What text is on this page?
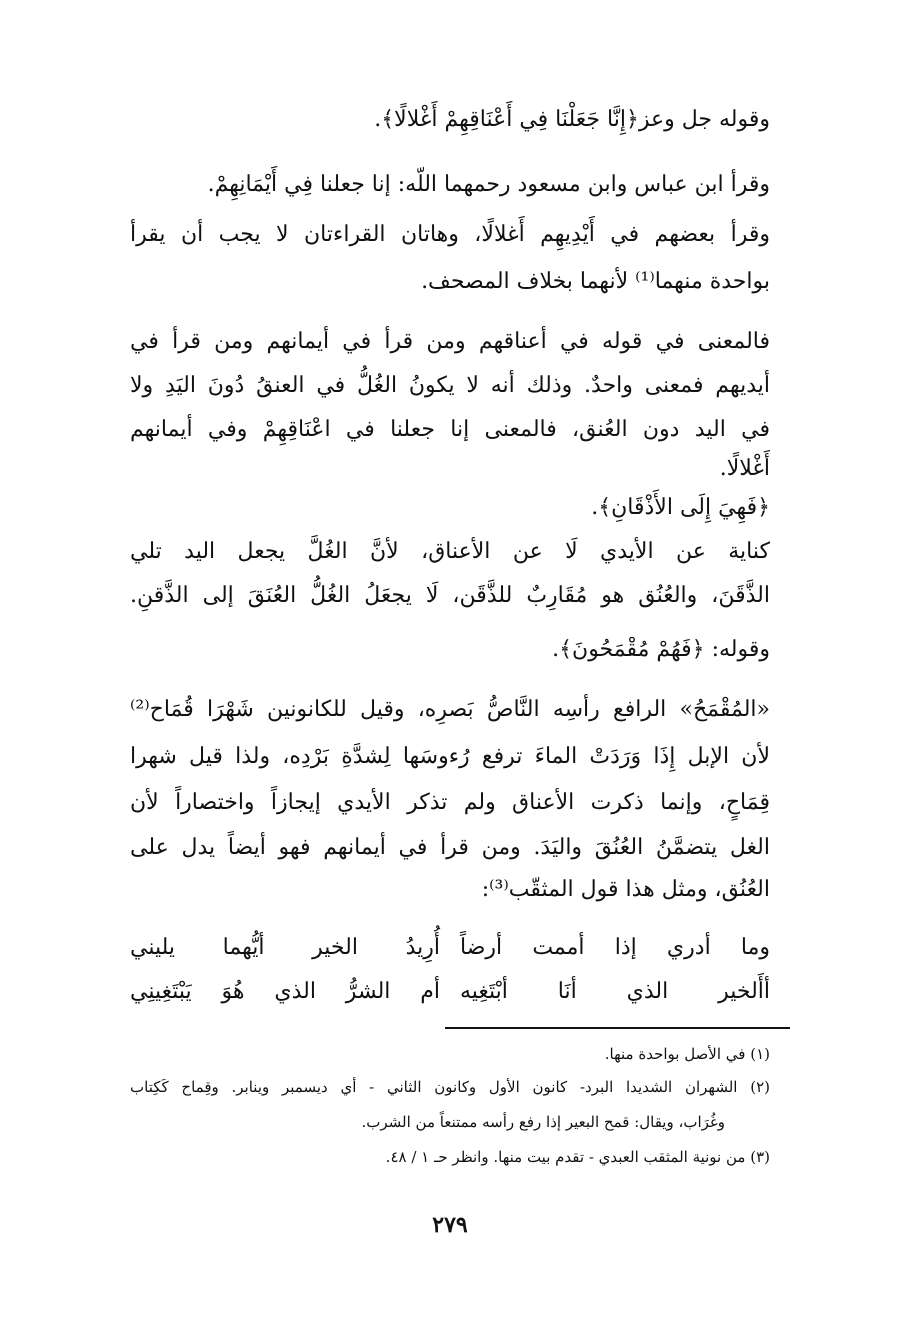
وقوله جل وعز﴿إِنَّا جَعَلْنَا فِي أَعْنَاقِهِمْ أَغْلالًا﴾.
وقرأ ابن عباس وابن مسعود رحمهما اللّه: إنا جعلنا فِي أَيْمَانِهِمْ.
وقرأ بعضهم في أَيْدِيهِم أَغلالًا، وهاتان القراءتان لا يجب أن يقرأ
بواحدة منهما⁽¹⁾ لأنهما بخلاف المصحف.
فالمعنى في قوله في أعناقهم ومن قرأ في أيمانهم ومن قرأ في
أيديهم فمعنى واحدٌ. وذلك أنه لا يكونُ الغُلُّ في العنقُ دُونَ اليَدِ ولا
في اليد دون العُنق، فالمعنى إنا جعلنا في اعْنَاقِهِمْ وفي أيمانهم
أَغْلالًا.
﴿فَهِيَ إِلَى الأَذْقَانِ﴾.
كناية عن الأيدي لَا عن الأعناق، لأنَّ الغُلَّ يجعل اليد تلي
الذَّقَنَ، والعُنُق هو مُقَارِبٌ للذَّقَن، لَا يجعَلُ الغُلُّ العُنَقَ إلى الذَّقنِ.
وقوله: ﴿فَهُمْ مُقْمَحُونَ﴾.
«المُقْمَحُ» الرافع رأسِه النَّاصُّ بَصرِه، وقيل للكانونين شَهْرَا قُمَاح⁽²⁾
لأن الإبل إِذَا وَرَدَتْ الماءَ ترفع رُءوسَها لِشدَّةِ بَرْدِه، ولذا قيل شهرا
قِمَاحٍ، وإنما ذكرت الأعناق ولم تذكر الأيدي إيجازاً واختصاراً لأن
الغل يتضمَّنُ العُنُقَ واليَدَ. ومن قرأ في أيمانهم فهو أيضاً يدل على
العُنُق، ومثل هذا قول المثقّب⁽³⁾:
وما أدري إذا أممت أرضاً
أُرِيدُ الخير أيُّهما يليني
أأَلخير الذي أنَا أبْتَغِيه
أم الشرُّ الذي هُوَ يَبْتَغِينِي
(١) في الأصل بواحدة منها.
(٢) الشهران الشديدا البرد- كانون الأول وكانون الثاني - أي ديسمبر وينابر. وقِماح كَكِتاب
وغُرَاب، ويقال: قمح البعير إذا رفع رأسه ممتنعاً من الشرب.
(٣) من نونية المثقب العبدي - تقدم بيت منها. وانظر حـ ١ / ٤٨.
٢٧٩
